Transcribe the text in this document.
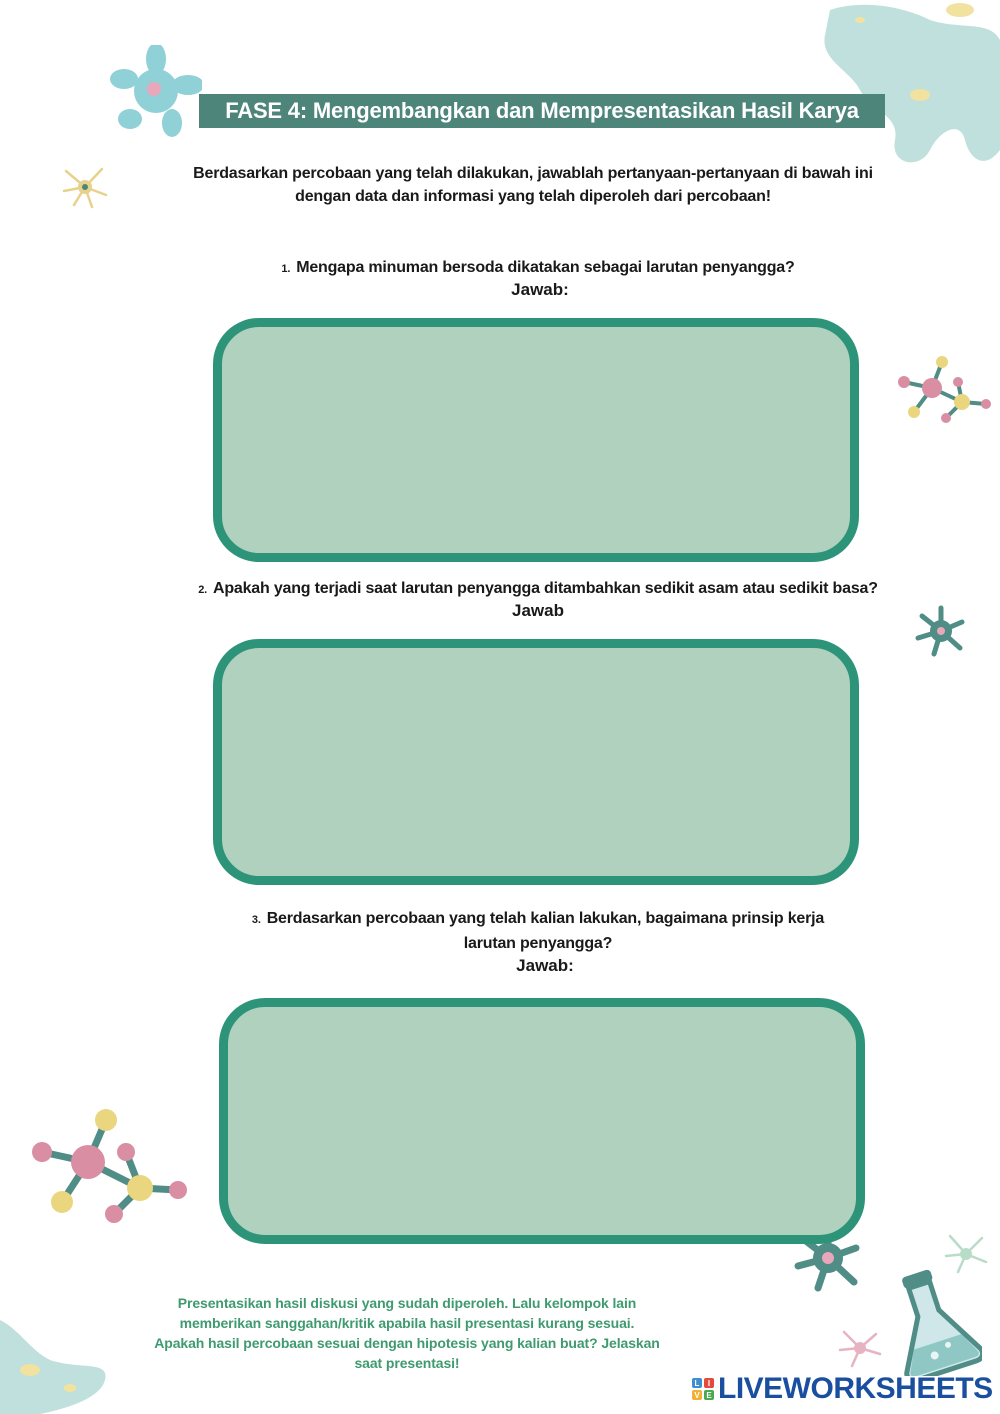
FASE 4: Mengembangkan dan Mempresentasikan Hasil Karya
Berdasarkan percobaan yang telah dilakukan, jawablah pertanyaan-pertanyaan di bawah ini dengan data dan informasi yang telah diperoleh dari percobaan!
1. Mengapa minuman bersoda dikatakan sebagai larutan penyangga?
Jawab:
2. Apakah yang terjadi saat larutan penyangga ditambahkan sedikit asam atau sedikit basa?
Jawab
3. Berdasarkan percobaan yang telah kalian lakukan, bagaimana prinsip kerja
larutan penyangga?
Jawab:
Presentasikan hasil diskusi yang sudah diperoleh. Lalu kelompok lain
memberikan sanggahan/kritik apabila hasil presentasi kurang sesuai.
Apakah hasil percobaan sesuai dengan hipotesis yang kalian buat? Jelaskan
saat presentasi!
L	I
V E LIVEWORKSHEETS
